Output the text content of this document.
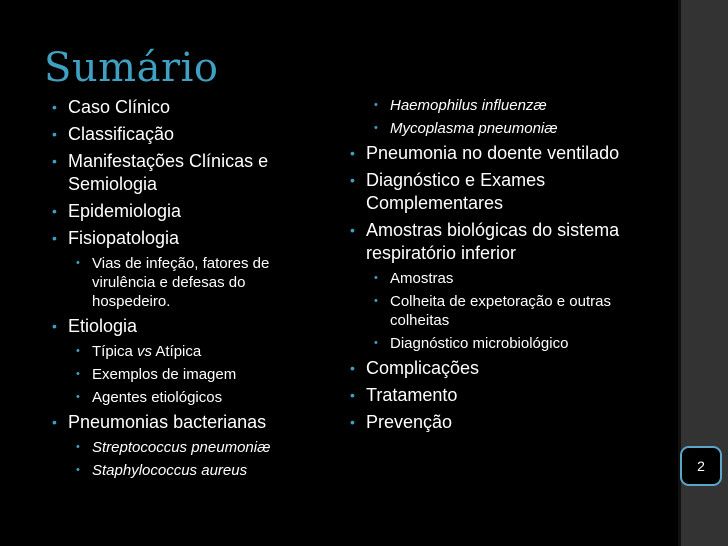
2
Sumário
• Caso Clínico
• Classificação
• Manifestações Clínicas e Semiologia
• Epidemiologia
• Fisiopatologia
• Vias de infeção, fatores de virulência e defesas do hospedeiro.
• Etiologia
• Típica vs Atípica
• Exemplos de imagem
• Agentes etiológicos
• Pneumonias bacterianas
• Streptococcus pneumoniæ
• Staphylococcus aureus
• Haemophilus influenzæ
• Mycoplasma pneumoniæ
• Pneumonia no doente ventilado
• Diagnóstico e Exames Complementares
• Amostras biológicas do sistema respiratório inferior
• Amostras
• Colheita de expetoração e outras colheitas
• Diagnóstico microbiológico
• Complicações
• Tratamento
• Prevenção
